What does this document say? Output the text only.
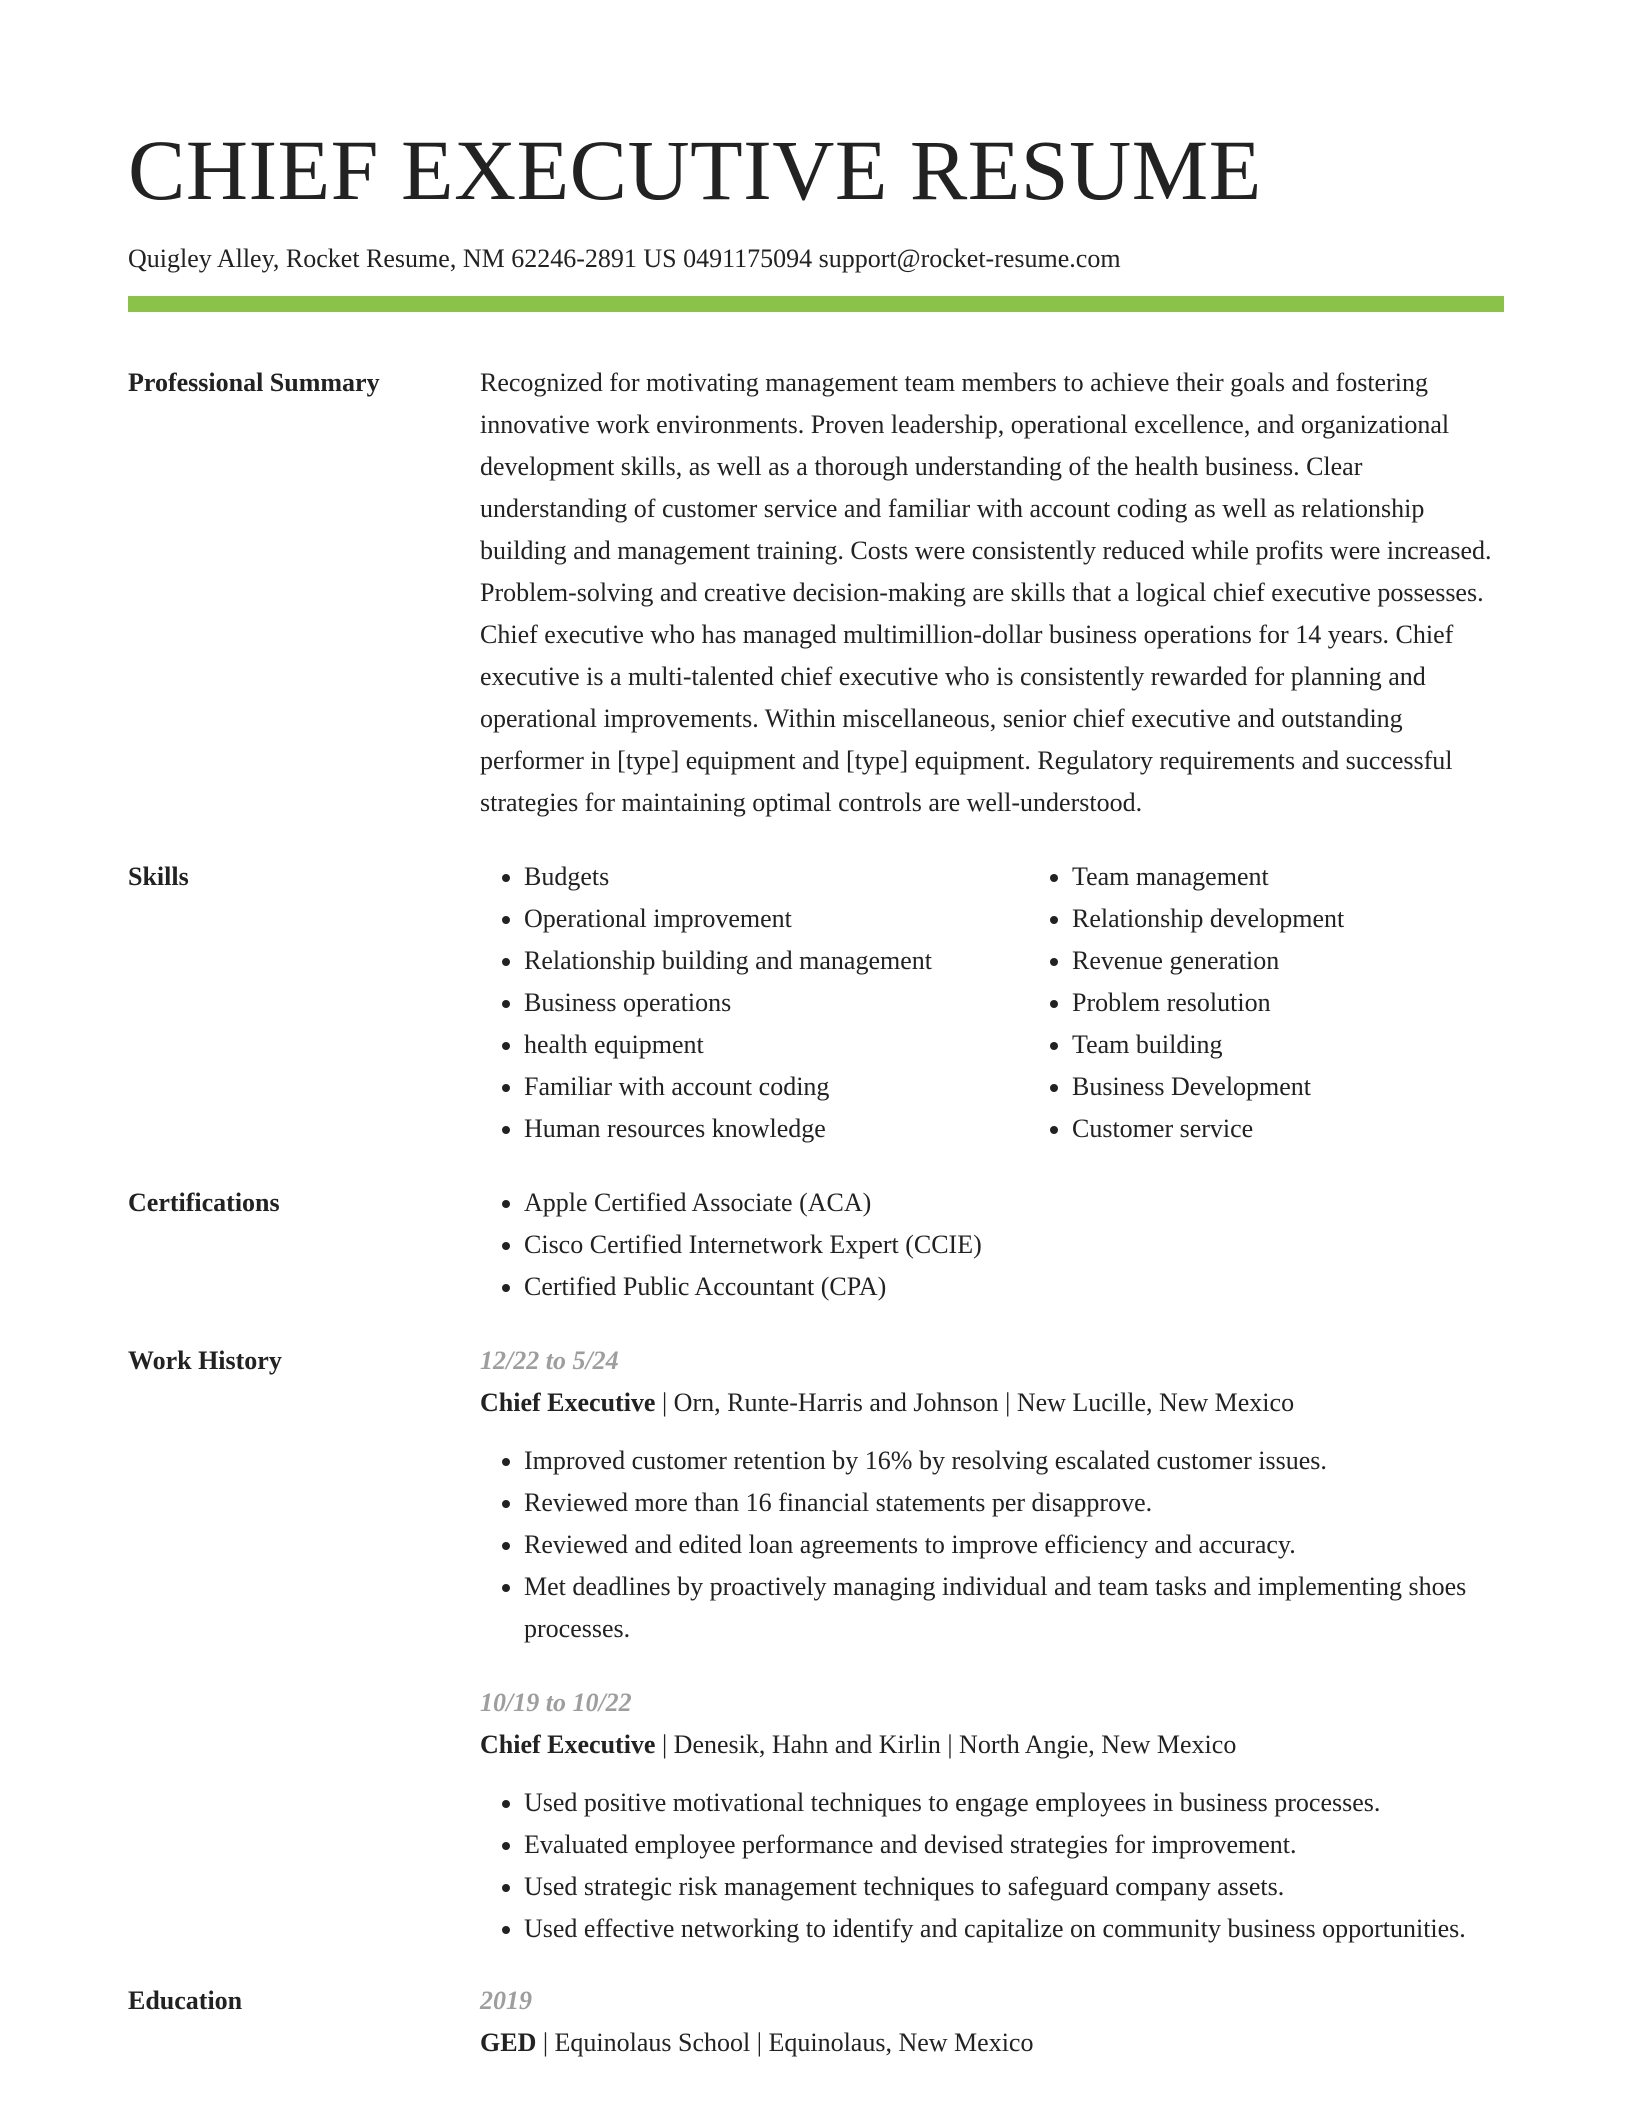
CHIEF EXECUTIVE RESUME
Quigley Alley, Rocket Resume, NM 62246-2891 US 0491175094 support@rocket-resume.com
Professional Summary	Recognized for motivating management team members to achieve their goals and fostering innovative work environments. Proven leadership, operational excellence, and organizational development skills, as well as a thorough understanding of the health business. Clear understanding of customer service and familiar with account coding as well as relationship building and management training. Costs were consistently reduced while profits were increased. Problem-solving and creative decision-making are skills that a logical chief executive possesses. Chief executive who has managed multimillion-dollar business operations for 14 years. Chief executive is a multi-talented chief executive who is consistently rewarded for planning and operational improvements. Within miscellaneous, senior chief executive and outstanding performer in [type] equipment and [type] equipment. Regulatory requirements and successful strategies for maintaining optimal controls are well-understood.
Skills	• Budgets
• Operational improvement
• Relationship building and management
• Business operations
• health equipment
• Familiar with account coding
• Human resources knowledge
• Team management
• Relationship development
• Revenue generation
• Problem resolution
• Team building
• Business Development
• Customer service
Certifications	• Apple Certified Associate (ACA)
• Cisco Certified Internetwork Expert (CCIE)
• Certified Public Accountant (CPA)
Work History	12/22 to 5/24
Chief Executive | Orn, Runte-Harris and Johnson | New Lucille, New Mexico
• Improved customer retention by 16% by resolving escalated customer issues.
• Reviewed more than 16 financial statements per disapprove.
• Reviewed and edited loan agreements to improve efficiency and accuracy.
• Met deadlines by proactively managing individual and team tasks and implementing shoes processes.
10/19 to 10/22
Chief Executive | Denesik, Hahn and Kirlin | North Angie, New Mexico
• Used positive motivational techniques to engage employees in business processes.
• Evaluated employee performance and devised strategies for improvement.
• Used strategic risk management techniques to safeguard company assets.
• Used effective networking to identify and capitalize on community business opportunities.
Education	2019
GED | Equinolaus School | Equinolaus, New Mexico
